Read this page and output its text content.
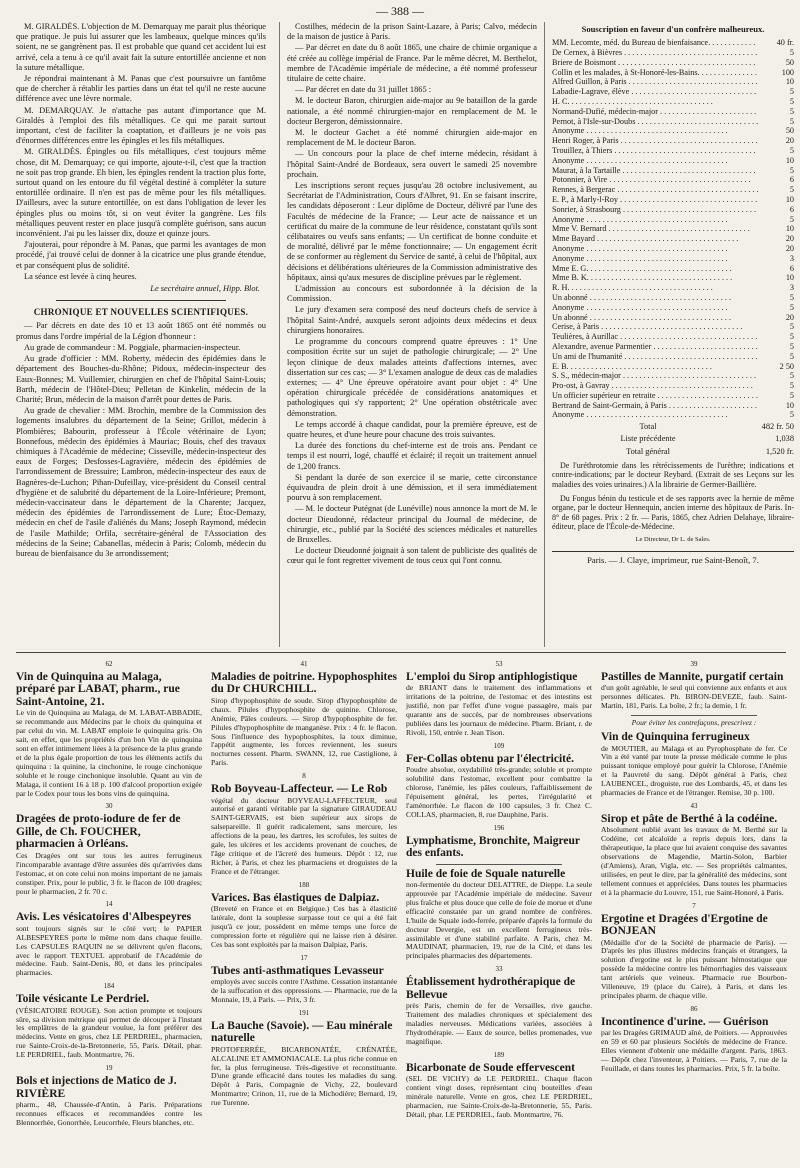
— 388 —

M. GIRALDÈS. L'objection de M. Demarquay me parait plus théorique que pratique. Je puis lui assurer que les lambeaux, quelque minces qu'ils soient, ne se gangrènent pas. Il est probable que quand cet accident lui est arrivé, cela a tenu à ce qu'il avait fait la suture entortillée ancienne et non la suture métallique.

Je répondrai maintenant à M. Panas que c'est poursuivre un fantôme que de chercher à rétablir les parties dans un état tel qu'il ne reste aucune différence avec une lèvre normale.

M. DEMARQUAY. Je n'attache pas autant d'importance que M. Giraldès à l'emploi des fils métalliques. Ce qui me parait surtout important, c'est de faciliter la coaptation, et d'ailleurs je ne vois pas d'énormes différences entre les épingles et les fils métalliques.

M. GIRALDÈS. Épingles ou fils métalliques, c'est toujours même chose, dit M. Demarquay; ce qui importe, ajoute-t-il, c'est que la traction ne soit pas trop grande. Eh bien, les épingles rendent la traction plus forte, surtout quand on les entoure du fil végétal destiné à compléter la suture entortillée ordinaire. Il n'en est pas de même pour les fils métalliques. D'ailleurs, avec la suture entortillée, on est dans l'obligation de lever les épingles plus ou moins tôt, si on veut éviter la gangrène. Les fils métalliques peuvent rester en place jusqu'à complète guérison, sans aucun inconvénient. J'ai pu les laisser dix, douze et quinze jours.

J'ajouterai, pour répondre à M. Panas, que parmi les avantages de mon procédé, j'ai trouvé celui de donner à la cicatrice une plus grande étendue, et par conséquent plus de solidité.

La séance est levée à cinq heures.

Le secrétaire annuel, Hipp. Blot.
CHRONIQUE ET NOUVELLES SCIENTIFIQUES.

— Par décrets en date des 10 et 13 août 1865 ont été nommés ou promus dans l'ordre impérial de la Légion d'honneur :

Au grade de commandeur : M. Poggiale, pharmacien-inspecteur.

Au grade d'officier : MM. Roberty, médecin des épidémies dans le département des Bouches-du-Rhône; Pidoux, médecin-inspecteur des Eaux-Bonnes; M. Vuillemier, chirurgien en chef de l'hôpital Saint-Louis; Barth, médecin de l'Hôtel-Dieu; Pelletan de Kinkelin, médecin de la Charité; Brun, médecin de la maison d'arrêt pour dettes de Paris.

Au grade de chevalier : MM. Brochin, membre de la Commission des logements insalubres du département de la Seine; Grillot, médecin à Plombières; Babourin, professeur à l'École vétérinaire de Lyon; Bonnefous, médecin des épidémies à Mauriac; Bouis, chef des travaux chimiques à l'Académie de médecine; Cisseville, médecin-inspecteur des eaux de Forges; Desfosses-Lagravière, médecin des épidémies de l'arrondissement de Bressuire; Lambron, médecin-inspecteur des eaux de Bagnères-de-Luchon; Pihan-Dufeillay, vice-président du Conseil central d'hygiène et de salubrité du département de la Loire-Inférieure; Premont, médecin-vaccinateur dans le département de la Charente; Jacquez, médecin des épidémies de l'arrondissement de Lure; Étoc-Demazy, médecin en chef de l'asile d'aliénés du Mans; Joseph Raymond, médecin de l'asile Mathilde; Orfila, secrétaire-général de l'Association des médecins de la Seine; Cabanellas, médecin à Paris; Colomb, médecin du bureau de bienfaisance du 3e arrondissement;

Costilhes, médecin de la prison Saint-Lazare, à Paris; Calvo, médecin de la maison de justice à Paris.

— Par décret en date du 8 août 1865, une chaire de chimie organique a été créée au collège impérial de France. Par le même décret, M. Berthelot, membre de l'Académie impériale de médecine, a été nommé professeur titulaire de cette chaire.

— Par décret en date du 31 juillet 1865 :

M. le docteur Baron, chirurgien aide-major au 9e bataillon de la garde nationale, a été nommé chirurgien-major en remplacement de M. le docteur Bergeron, démissionnaire.

M. le docteur Gachet a été nommé chirurgien aide-major en remplacement de M. le docteur Baron.

— Un concours pour la place de chef interne médecin, résidant à l'hôpital Saint-André de Bordeaux, sera ouvert le samedi 25 novembre prochain.

Les inscriptions seront reçues jusqu'au 28 octobre inclusivement, au Secrétariat de l'Administration, Cours d'Albret, 91. En se faisant inscrire, les candidats déposeront : Leur diplôme de Docteur, délivré par l'une des Facultés de médecine de la France; — Leur acte de naissance et un certificat du maire de la commune de leur résidence, constatant qu'ils sont célibataires ou veufs sans enfants; — Un certificat de bonne conduite et de moralité, délivré par le même fonctionnaire; — Un engagement écrit de se conformer au règlement du Service de santé, à celui de l'hôpital, aux décisions et délibérations ultérieures de la Commission administrative des hôpitaux, ainsi qu'aux mesures de discipline prévues par le règlement.

L'admission au concours est subordonnée à la décision de la Commission.

Le jury d'examen sera composé des neuf docteurs chefs de service à l'hôpital Saint-André, auxquels seront adjoints deux médecins et deux chirurgiens honoraires.

Le programme du concours comprend quatre épreuves : 1° Une composition écrite sur un sujet de pathologie chirurgicale; — 2° Une leçon clinique de deux malades atteints d'affections internes, avec dissertation sur ces cas; — 3° L'examen analogue de deux cas de maladies externes; — 4° Une épreuve opératoire avant pour objet : 4° Une opération chirurgicale précédée de considérations anatomiques et pathologiques qui s'y rapportent; 2° Une opération obstétricale avec démonstration.

Le temps accordé à chaque candidat, pour la première épreuve, est de quatre heures, et d'une heure pour chacune des trois suivantes.

La durée des fonctions du chef-interne est de trois ans. Pendant ce temps il est nourri, logé, chauffé et éclairé; il reçoit un traitement annuel de 1,200 francs.

Si pendant la durée de son exercice il se marie, cette circonstance équivaudra de plein droit à une démission, et il sera immédiatement pourvu à son remplacement.

— M. le docteur Putégnat (de Lunéville) nous annonce la mort de M. le docteur Dieudonné, rédacteur principal du Journal de médecine, de chirurgie, etc., publié par la Société des sciences médicales et naturelles de Bruxelles.

Le docteur Dieudonné joignait à son talent de publiciste des qualités de cœur qui le font regretter vivement de tous ceux qui l'ont connu.

Souscription en faveur d'un confrère malheureux.
MM. Lecomte, méd. du Bureau de bienfaisance. . . .	40 fr.
De Cernex, à Bièvres . . .	5
Briere de Boismont . . .	50
Collin et les malades, à St-Honoré-les-Bains. . . .	100
Alfred Guillon, à Paris . . .	10
Labadie-Lagrave, élève . . .	5
H. C. . . .	5
Normand-Dufié, médecin-major . . .	5
Pernot, à l'Isle-sur-Doubs . . .	5
Anonyme . . .	50
Henri Roger, à Paris . . .	20
Trouillez, à Thiers . . .	5
Anonyme . . .	10
Maurat, à la Tartaille . . .	5
Potonnier, à Vire . . .	6
Rennes, à Bergerac . . .	5
E. P., à Marly-l-Roy . . .	10
Sonrier, à Strasbourg . . .	6
Anonyme . . .	5
Mme V. Bernard . . .	10
Mme Bayard . . .	20
Anonyme . . .	20
Anonyme . . .	3
Mme E. G. . . .	6
Mme B. K. . . .	10
R. H. . . .	3
Un abonné . . .	5
Anonyme . . .	5
Un abonné . . .	20
Cerise, à Paris . . .	5
Teulières, à Aurillac . . .	5
Alexandre, avenue Parmentier . . .	5
Un ami de l'humanité . . .	5
E. B. . . .	2 50
S. S., médecin-major . . .	5
Pro-ost, à Gavray . . .	5
Un officier supérieur en retraite . . .	5
Bertrand de Saint-Germain, à Paris . . .	10
Anonyme . . .	5
Total	482 fr. 50
Liste précédente	1,038
Total général	1,520 fr.

De l'uréthrotomie dans les rétrécissements de l'urèthre; indications et contre-indications; par le docteur Reybard. (Extrait de ses Leçons sur les maladies des voies urinaires.) A la librairie de Germer-Baillière.

Du Fongus bénin du testicule et de ses rapports avec la hernie de même organe, par le docteur Hennequin, ancien interne des hôpitaux de Paris. In-8° de 68 pages. Prix : 2 fr. — Paris, 1865, chez Adrien Delahaye, libraire-éditeur, place de l'École-de-Médecine.

Le Directeur, Dr L. de Sales.
Paris. — J. Claye, imprimeur, rue Saint-Benoît, 7.
62
Vin de Quinquina au Malaga, préparé par LABAT, pharm., rue Saint-Antoine, 21.

Le vin de Quinquina au Malaga, de M. LABAT-ABBADIE, se recommande aux Médecins par le choix du quinquina et par celui du vin. M. LABAT emploie le quinquina gris. On sait, en effet, que les propriétés d'un bon Vin de quinquina sont en effet intimement liées à la présence de la plus grande et de la plus égale proportion de tous les éléments actifs du quinquina : la quinine, la cinchonine, le rouge cinchonique soluble et le rouge cinchonique insoluble. Quant au vin de Malaga, il contient 16 à 18 p. 100 d'alcool proportion exigée par le Codex pour tous les bons vins de quinquina.

30
Dragées de proto-iodure de fer de Gille, de Ch. FOUCHER, pharmacien à Orléans.

Ces Dragées ont sur tous les autres ferrugineux l'incomparable avantage d'être assurées dès qu'arrivées dans l'estomac, et on cote celui non moins important de ne jamais constiper. Prix, pour le public, 3 fr. le flacon de 100 dragées; pour le pharmacien, 2 fr. 70 c.

14
Avis. Les vésicatoires d'Albespeyres

sont toujours signés sur le côté vert; le PAPIER ALBESPEYRES porte le même nom dans chaque feuille. Les CAPSULES RAQUIN ne se délivrent qu'en flacons, avec le rapport TEXTUEL approbatif de l'Académie de médecine. Faub. Saint-Denis, 80, et dans les principales pharmacies.

184
Toile vésicante Le Perdriel.

(VÉSICATOIRE ROUGE). Son action prompte et toujours sûre, sa division métrique qui permet de découper à l'instant les emplâtres de la grandeur voulue, la font préférer des médecins. Vente en gros, chez LE PERDRIEL, pharmacien, rue Sainte-Croix-de-la-Bretonnerie, 55, Paris. Détail, phar. LE PERDRIEL, faub. Montmartre, 76.

19
Bols et injections de Matico de J. RIVIÈRE

pharm., 48, Chaussée-d'Antin, à Paris. Préparations reconnues efficaces et recommandées contre les Blennorrhée, Gonorrhée, Leucorrhée, Fleurs blanches, etc.

41
Maladies de poitrine. Hypophosphites du Dr CHURCHILL.

Sirop d'hypophosphite de soude. Sirop d'hypophosphite de chaux. Pilules d'hypophosphite de quinine. Chlorose, Anémie, Pâles couleurs. — Sirop d'hypophosphite de fer. Pilules d'hypophosphite de manganèse. Prix : 4 fr. le flacon. Sous l'influence des hypophosphites, la toux diminue, l'appétit augmente, les forces reviennent, les sueurs nocturnes cessent. Pharm. SWANN, 12, rue Castiglione, à Paris.

8
Rob Boyveau-Laffecteur. — Le Rob

végétal du docteur BOYVEAU-LAFFECTEUR, seul autorisé et garanti véritable par la signature GIRAUDEAU SAINT-GERVAIS, est bien supérieur aux sirops de salsepareille. Il guérit radicalement, sans mercure, les affections de la peau, les dartres, les scrofules, les suites de gale, les ulcères et les accidents provenant de couches, de l'âge critique et de l'âcreté des humeurs. Dépôt : 12, rue Richer, à Paris, et chez les pharmaciens et droguistes de la France et de l'étranger.

188
Varices. Bas élastiques de Dalpiaz.

(Breveté en France et en Belgique.) Ces bas à élasticité latérale, dont la souplesse surpasse tout ce qui a été fait jusqu'à ce jour, possèdent en même temps une force de compression forte et régulière qui ne laisse rien à désirer. Ces bas sont exploités par la maison Dalpiaz, Paris.

17
Tubes anti-asthmatiques Levasseur

employés avec succès contre l'Asthme. Cessation instantanée de la suffocation et des oppressions. — Pharmacie, rue de la Monnaie, 19, à Paris. — Prix, 3 fr.

191
La Bauche (Savoie). — Eau minérale naturelle

PROTOFERRÉE, BICARBONATÉE, CRÉNATÉE, ALCALINE ET AMMONIACALE. La plus riche connue en fer, la plus ferrugineuse. Très-digestive et reconstituante. D'une grande efficacité dans toutes les maladies du sang. Dépôt à Paris, Compagnie de Vichy, 22, boulevard Montmartre; Crinon, 11, rue de la Michodière; Bernard, 19, rue Turenne.

53
L'emploi du Sirop antiphlogistique

de BRIANT dans le traitement des inflammations et irritations de la poitrine, de l'estomac et des intestins est justifié, non par l'effet d'une vogue passagère, mais par quarante ans de succès, par de nombreuses observations publiées dans les journaux de médecine. Pharm. Briant, r. de Rivoli, 150, entrée r. Jean Tison.

109
Fer-Collas obtenu par l'électricité.

Poudre absolue, oxydabilité très-grande; soluble et prompte solubilité dans l'estomac, excellent pour combattre la chlorose, l'anémie, les pâles couleurs, l'affaiblissement de l'épuisement général, les pertes, l'irrégularité et l'aménorrhée. Le flacon de 100 capsules, 3 fr. Chez C. COLLAS, pharmacien, 8, rue Dauphine, Paris.

196
Lymphatisme, Bronchite, Maigreur des enfants.
Huile de foie de Squale naturelle

non-fermentée du docteur DELATTRE, de Dieppe. La seule approuvée par l'Académie impériale de médecine. Saveur plus fraîche et plus douce que celle de foie de morue et d'une efficacité constatée par un grand nombre de confrères. L'huile de Squale iodo-ferrée, préparée d'après la formule du docteur Devergie, est un excellent ferrugineux très-assimilable et d'une stabilité parfaite. A Paris, chez M. MAUDINAT, pharmacien, 19, rue de la Cité, et dans les principales pharmacies des départements.

33
Établissement hydrothérapique de Bellevue

près Paris, chemin de fer de Versailles, rive gauche. Traitement des maladies chroniques et spécialement des maladies nerveuses. Médications variées, associées à l'hydrothérapie. — Eaux de source, belles promenades, vue magnifique.

189
Bicarbonate de Soude effervescent

(SEL DE VICHY) de LE PERDRIEL. Chaque flacon contient vingt doses, représentant cinq bouteilles d'eau minérale naturelle. Vente en gros, chez LE PERDRIEL, pharmacien, rue Sainte-Croix-de-la-Bretonnerie, 55, Paris. Détail, phar. LE PERDRIEL, faub. Montmartre, 76.

39
Pastilles de Mannite, purgatif certain

d'un goût agréable, le seul qui convienne aux enfants et aux personnes délicates. Ph. BIRON-DEVEZE, faub. Saint-Martin, 181, Paris. La boîte, 2 fr.; la demie, 1 fr.

Pour éviter les contrefaçons, prescrivez :
Vin de Quinquina ferrugineux

de MOUTIER, au Malaga et au Pyrophosphate de fer. Ce Vin a été vanté par toute la presse médicale comme le plus puissant tonique employé pour guérir la Chlorose, l'Anémie et la Pauvreté du sang. Dépôt général à Paris, chez LAUBENCEL, droguiste, rue des Lombards, 45, et dans les pharmacies de France et de l'étranger. Remise, 30 p. 100.

43
Sirop et pâte de Berthé à la codéine.

Absolument oublié avant les travaux de M. Berthé sur la Codéine, cet alcaloïde a repris depuis lors, dans la thérapeutique, la place que lui avaient conquise des savantes observations de Magendie, Martin-Solon, Barbier (d'Amiens), Aran, Vigla, etc. — Ses propriétés calmantes, utilisées, en peut le dire, par la généralité des médecins, sont tellement connues et appréciées. Dans toutes les pharmacies et à la pharmacie du Louvre, 151, rue Saint-Honoré, à Paris.

7
Ergotine et Dragées d'Ergotine de BONJEAN

(Médaille d'or de la Société de pharmacie de Paris). — D'après les plus illustres médecins français et étrangers, la solution d'ergotine est le plus puissant hémostatique que possède la médecine contre les hémorrhagies des vaisseaux tant artériels que veineux. Pharmacie rue Bourbon-Villeneuve, 19 (place du Caire), à Paris, et dans les principales pharm. de chaque ville.

86
Incontinence d'urine. — Guérison

par les Dragées GRIMAUD aîné, de Poitiers. — Approuvées en 59 et 60 par plusieurs Sociétés de médecine de France. Elles viennent d'obtenir une médaille d'argent. Paris, 1863. — Dépôt chez l'inventeur, à Poitiers. — Paris, 7, rue de la Feuillade, et dans toutes les pharmacies. Prix, 5 fr. la boîte.
